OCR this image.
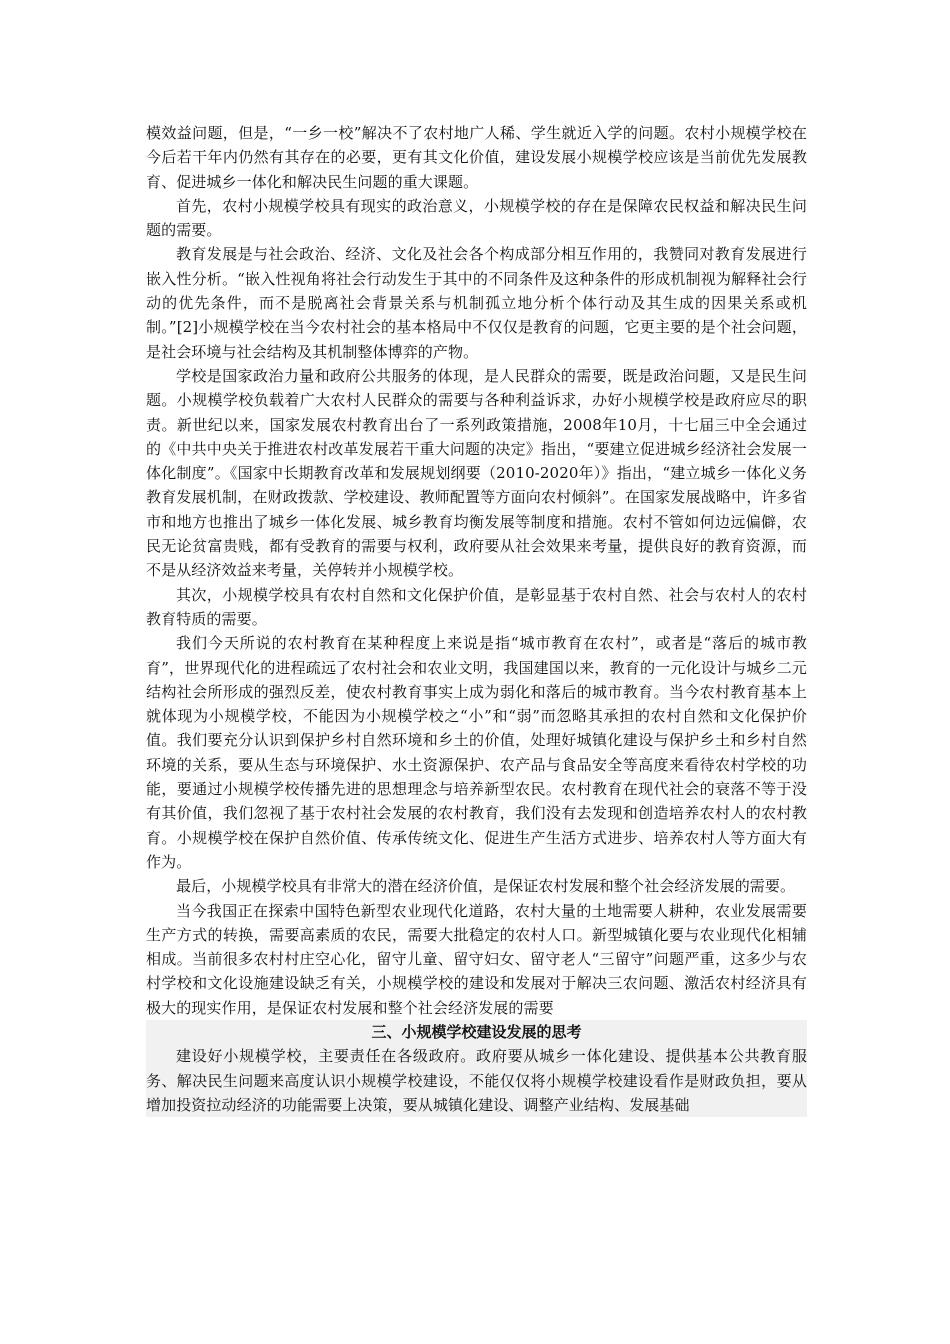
模效益问题，但是，“一乡一校”解决不了农村地广人稀、学生就近入学的问题。农村小规模学校在今后若干年内仍然有其存在的必要，更有其文化价值，建设发展小规模学校应该是当前优先发展教育、促进城乡一体化和解决民生问题的重大课题。

首先，农村小规模学校具有现实的政治意义，小规模学校的存在是保障农民权益和解决民生问题的需要。

教育发展是与社会政治、经济、文化及社会各个构成部分相互作用的，我赞同对教育发展进行嵌入性分析。“嵌入性视角将社会行动发生于其中的不同条件及这种条件的形成机制视为解释社会行动的优先条件，而不是脱离社会背景关系与机制孤立地分析个体行动及其生成的因果关系或机制。”[2]小规模学校在当今农村社会的基本格局中不仅仅是教育的问题，它更主要的是个社会问题，是社会环境与社会结构及其机制整体博弈的产物。

学校是国家政治力量和政府公共服务的体现，是人民群众的需要，既是政治问题，又是民生问题。小规模学校负载着广大农村人民群众的需要与各种利益诉求，办好小规模学校是政府应尽的职责。新世纪以来，国家发展农村教育出台了一系列政策措施，2008年10月，十七届三中全会通过的《中共中央关于推进农村改革发展若干重大问题的决定》指出，“要建立促进城乡经济社会发展一体化制度”。《国家中长期教育改革和发展规划纲要（2010-2020年）》指出，“建立城乡一体化义务教育发展机制，在财政拨款、学校建设、教师配置等方面向农村倾斜”。在国家发展战略中，许多省市和地方也推出了城乡一体化发展、城乡教育均衡发展等制度和措施。农村不管如何边远偏僻，农民无论贫富贵贱，都有受教育的需要与权利，政府要从社会效果来考量，提供良好的教育资源，而不是从经济效益来考量，关停转并小规模学校。

其次，小规模学校具有农村自然和文化保护价值，是彰显基于农村自然、社会与农村人的农村教育特质的需要。

我们今天所说的农村教育在某种程度上来说是指“城市教育在农村”，或者是“落后的城市教育”，世界现代化的进程疏远了农村社会和农业文明，我国建国以来，教育的一元化设计与城乡二元结构社会所形成的强烈反差，使农村教育事实上成为弱化和落后的城市教育。当今农村教育基本上就体现为小规模学校，不能因为小规模学校之“小”和“弱”而忽略其承担的农村自然和文化保护价值。我们要充分认识到保护乡村自然环境和乡土的价值，处理好城镇化建设与保护乡土和乡村自然环境的关系，要从生态与环境保护、水土资源保护、农产品与食品安全等高度来看待农村学校的功能，要通过小规模学校传播先进的思想理念与培养新型农民。农村教育在现代社会的衰落不等于没有其价值，我们忽视了基于农村社会发展的农村教育，我们没有去发现和创造培养农村人的农村教育。小规模学校在保护自然价值、传承传统文化、促进生产生活方式进步、培养农村人等方面大有作为。

最后，小规模学校具有非常大的潜在经济价值，是保证农村发展和整个社会经济发展的需要。

当今我国正在探索中国特色新型农业现代化道路，农村大量的土地需要人耕种，农业发展需要生产方式的转换，需要高素质的农民，需要大批稳定的农村人口。新型城镇化要与农业现代化相辅相成。当前很多农村村庄空心化，留守儿童、留守妇女、留守老人“三留守”问题严重，这多少与农村学校和文化设施建设缺乏有关，小规模学校的建设和发展对于解决三农问题、激活农村经济具有极大的现实作用，是保证农村发展和整个社会经济发展的需要

三、小规模学校建设发展的思考

建设好小规模学校，主要责任在各级政府。政府要从城乡一体化建设、提供基本公共教育服务、解决民生问题来高度认识小规模学校建设，不能仅仅将小规模学校建设看作是财政负担，要从增加投资拉动经济的功能需要上决策，要从城镇化建设、调整产业结构、发展基础
